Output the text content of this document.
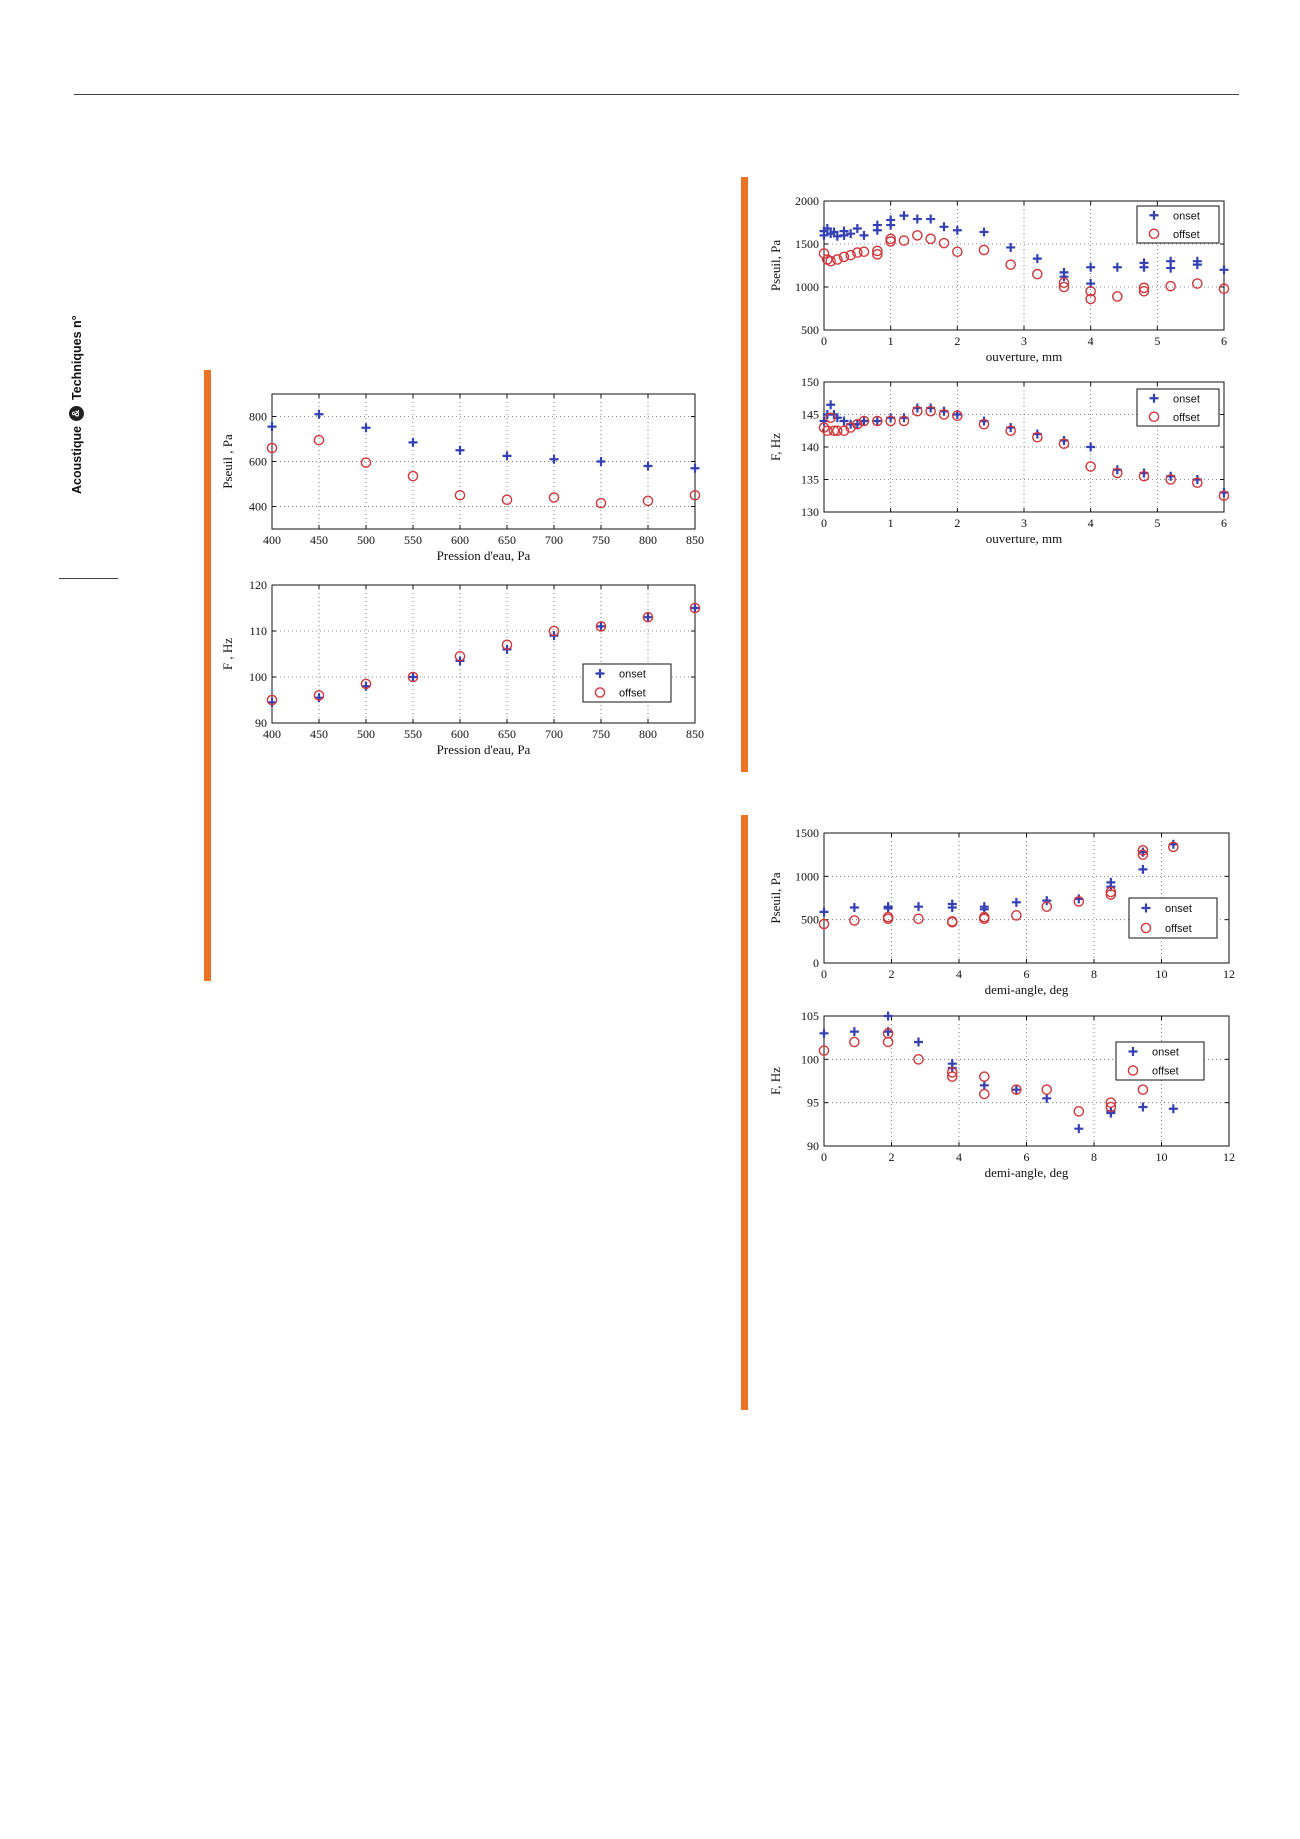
Acoustique & Techniques n°
400 450 500 550 600 650 700 750 800 850
400
600
800
Pression d'eau, Pa
Pseuil , Pa
400 450 500 550 600 650 700 750 800 850
90
100
110
120
Pression d'eau, Pa
F , Hz
onset
offset
0	1	2	3	4	5	6
500
1000
1500
2000
ouverture, mm
Pseuil, Pa
onset
offset
0	1	2	3	4	5	6
130
135
140
145
150
ouverture, mm
F, Hz
onset
offset
0	2	4	6	8	10	12
0
500
1000
1500
demi-angle, deg
Pseuil, Pa	onset
offset
0	2	4	6	8	10	12
90
95
100
105
demi-angle, deg
F, Hz
onset
offset
